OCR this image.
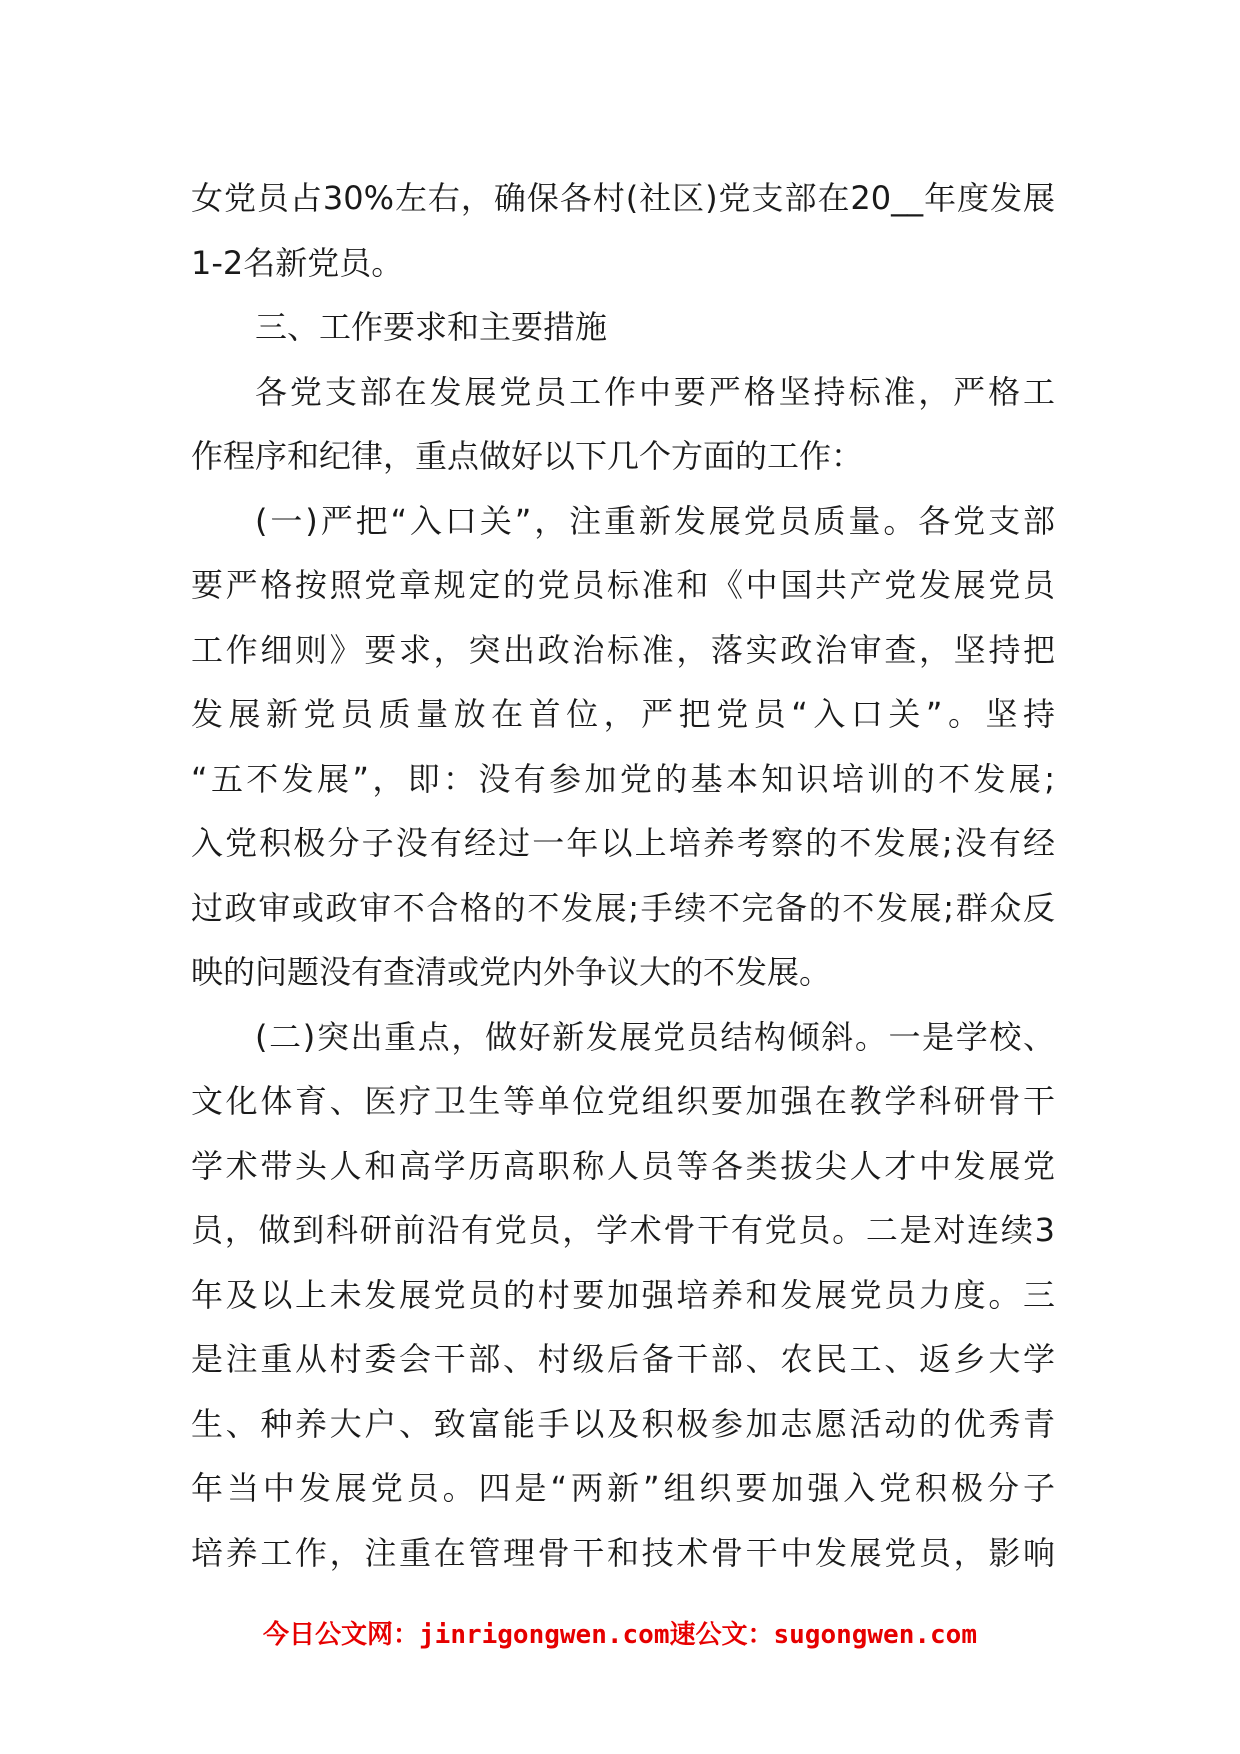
女党员占30%左右，确保各村(社区)党支部在20__年度发展
1-2名新党员。
三、工作要求和主要措施
各党支部在发展党员工作中要严格坚持标准，严格工
作程序和纪律，重点做好以下几个方面的工作：
(一)严把“入口关”，注重新发展党员质量。各党支部
要严格按照党章规定的党员标准和《中国共产党发展党员
工作细则》要求，突出政治标准，落实政治审查，坚持把
发展新党员质量放在首位，严把党员“入口关”。坚持
“五不发展”，即：没有参加党的基本知识培训的不发展;
入党积极分子没有经过一年以上培养考察的不发展;没有经
过政审或政审不合格的不发展;手续不完备的不发展;群众反
映的问题没有查清或党内外争议大的不发展。
(二)突出重点，做好新发展党员结构倾斜。一是学校、
文化体育、医疗卫生等单位党组织要加强在教学科研骨干
学术带头人和高学历高职称人员等各类拔尖人才中发展党
员，做到科研前沿有党员，学术骨干有党员。二是对连续3
年及以上未发展党员的村要加强培养和发展党员力度。三
是注重从村委会干部、村级后备干部、农民工、返乡大学
生、种养大户、致富能手以及积极参加志愿活动的优秀青
年当中发展党员。四是“两新”组织要加强入党积极分子
培养工作，注重在管理骨干和技术骨干中发展党员，影响
今日公文网：jinrigongwen.com速公文：sugongwen.com
